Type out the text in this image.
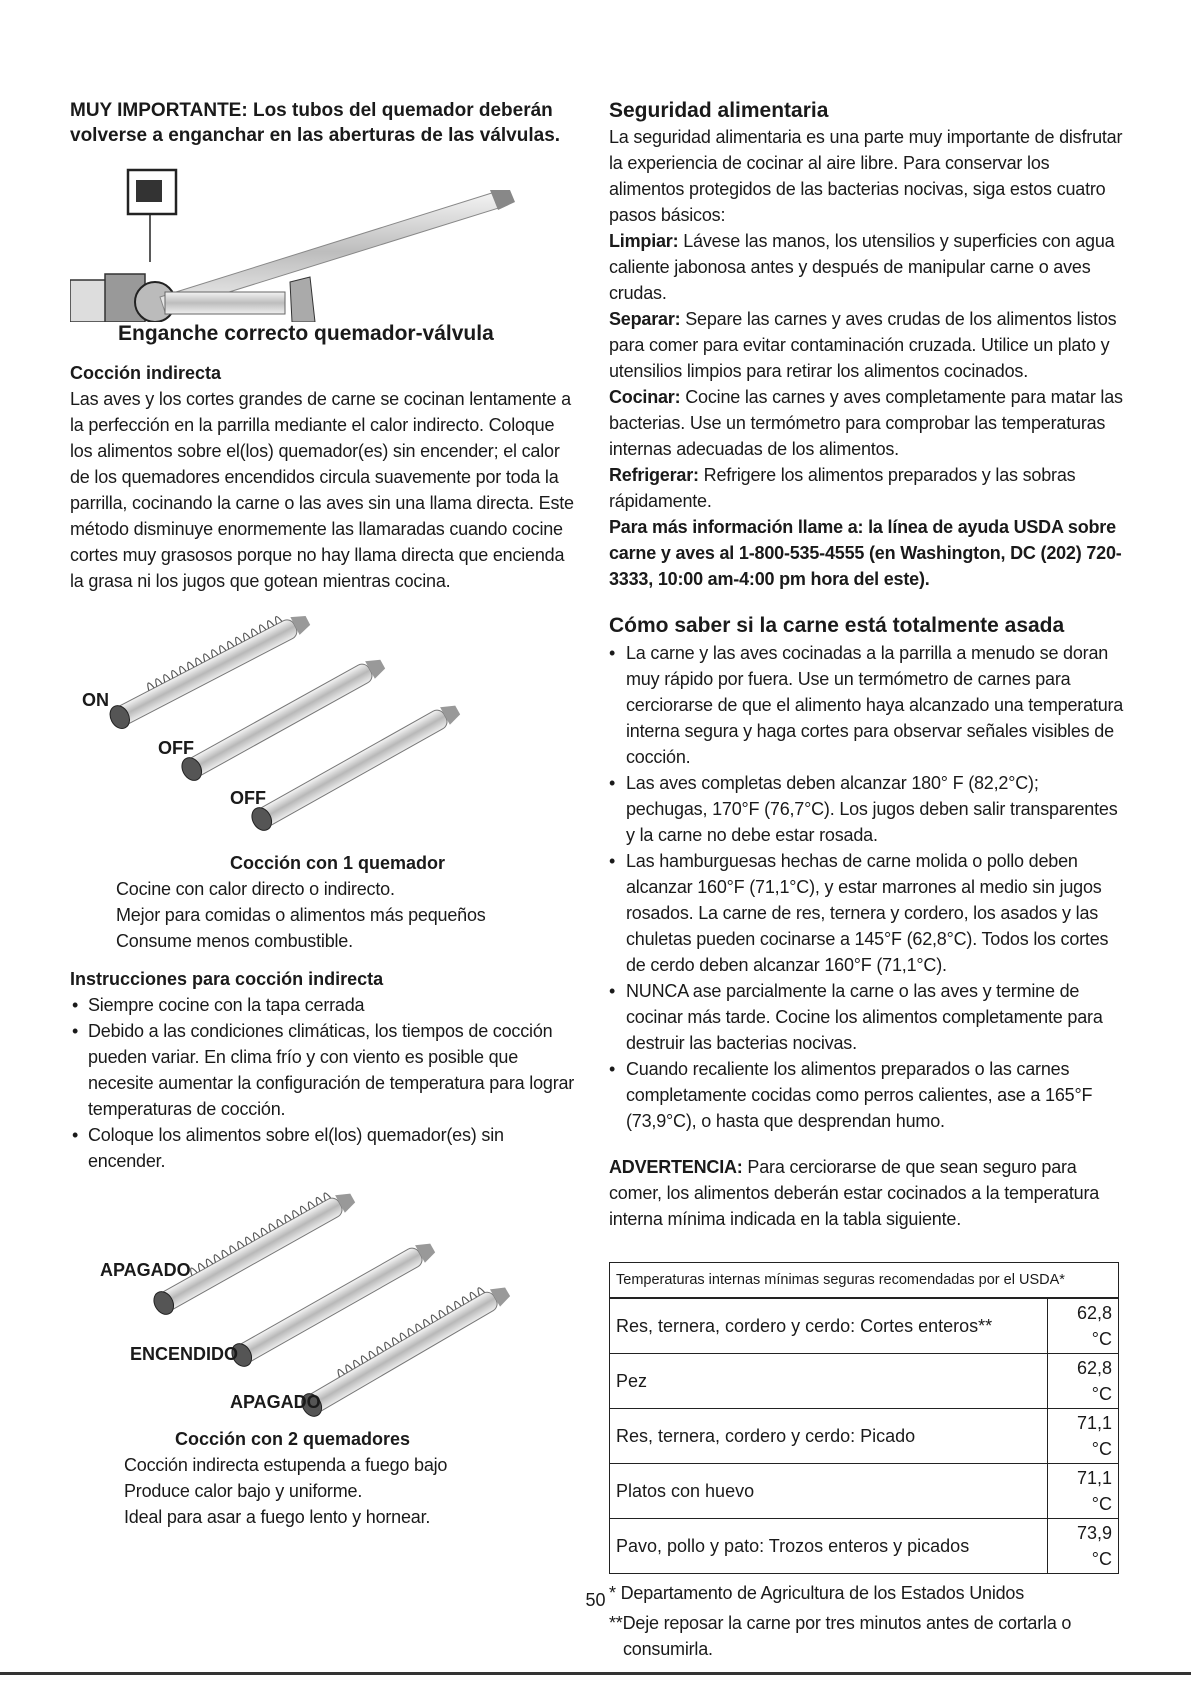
MUY IMPORTANTE: Los tubos del quemador deberán volverse a enganchar en las aberturas de las válvulas.

Enganche correcto quemador-válvula

Cocción indirecta

Las aves y los cortes grandes de carne se cocinan lentamente a la perfección en la parrilla mediante el calor indirecto. Coloque los alimentos sobre el(los) quemador(es) sin encender; el calor de los quemadores encendidos circula suavemente por toda la parrilla, cocinando la carne o las aves sin una llama directa. Este método disminuye enormemente las llamaradas cuando cocine cortes muy grasosos porque no hay llama directa que encienda la grasa ni los jugos que gotean mientras cocina.

ON
OFF
OFF

Cocción con 1 quemador

Cocine con calor directo o indirecto.

Mejor para comidas o alimentos más pequeños

Consume menos combustible.

Instrucciones para cocción indirecta

• Siempre cocine con la tapa cerrada
• Debido a las condiciones climáticas, los tiempos de cocción pueden variar. En clima frío y con viento es posible que necesite aumentar la configuración de temperatura para lograr temperaturas de cocción.
• Coloque los alimentos sobre el(los) quemador(es) sin encender.
APAGADO
ENCENDIDO
APAGADO

Cocción con 2 quemadores

Cocción indirecta estupenda a fuego bajo

Produce calor bajo y uniforme.

Ideal para asar a fuego lento y hornear.

Seguridad alimentaria

La seguridad alimentaria es una parte muy importante de disfrutar la experiencia de cocinar al aire libre. Para conservar los alimentos protegidos de las bacterias nocivas, siga estos cuatro pasos básicos:

Limpiar: Lávese las manos, los utensilios y superficies con agua caliente jabonosa antes y después de manipular carne o aves crudas.

Separar: Separe las carnes y aves crudas de los alimentos listos para comer para evitar contaminación cruzada. Utilice un plato y utensilios limpios para retirar los alimentos cocinados.

Cocinar: Cocine las carnes y aves completamente para matar las bacterias. Use un termómetro para comprobar las temperaturas internas adecuadas de los alimentos.

Refrigerar: Refrigere los alimentos preparados y las sobras rápidamente.

Para más información llame a: la línea de ayuda USDA sobre carne y aves al 1-800-535-4555 (en Washington, DC (202) 720-3333, 10:00 am-4:00 pm hora del este).

Cómo saber si la carne está totalmente asada

• La carne y las aves cocinadas a la parrilla a menudo se doran muy rápido por fuera. Use un termómetro de carnes para cerciorarse de que el alimento haya alcanzado una temperatura interna segura y haga cortes para observar señales visibles de cocción.
• Las aves completas deben alcanzar 180° F (82,2°C); pechugas, 170°F (76,7°C). Los jugos deben salir transparentes y la carne no debe estar rosada.
• Las hamburguesas hechas de carne molida o pollo deben alcanzar 160°F (71,1°C), y estar marrones al medio sin jugos rosados. La carne de res, ternera y cordero, los asados y las chuletas pueden cocinarse a 145°F (62,8°C). Todos los cortes de cerdo deben alcanzar 160°F (71,1°C).
• NUNCA ase parcialmente la carne o las aves y termine de cocinar más tarde. Cocine los alimentos completamente para destruir las bacterias nocivas.
• Cuando recaliente los alimentos preparados o las carnes completamente cocidas como perros calientes, ase a 165°F (73,9°C), o hasta que desprendan humo.

ADVERTENCIA: Para cerciorarse de que sean seguro para comer, los alimentos deberán estar cocinados a la temperatura interna mínima indicada en la tabla siguiente.

Temperaturas internas mínimas seguras recomendadas por el USDA*	
Res, ternera, cordero y cerdo: Cortes enteros**	62,8 °C
Pez	62,8 °C
Res, ternera, cordero y cerdo: Picado	71,1 °C
Platos con huevo	71,1 °C
Pavo, pollo y pato: Trozos enteros y picados	73,9 °C

* Departamento de Agricultura de los Estados Unidos

**Deje reposar la carne por tres minutos antes de cortarla o consumirla.

50
